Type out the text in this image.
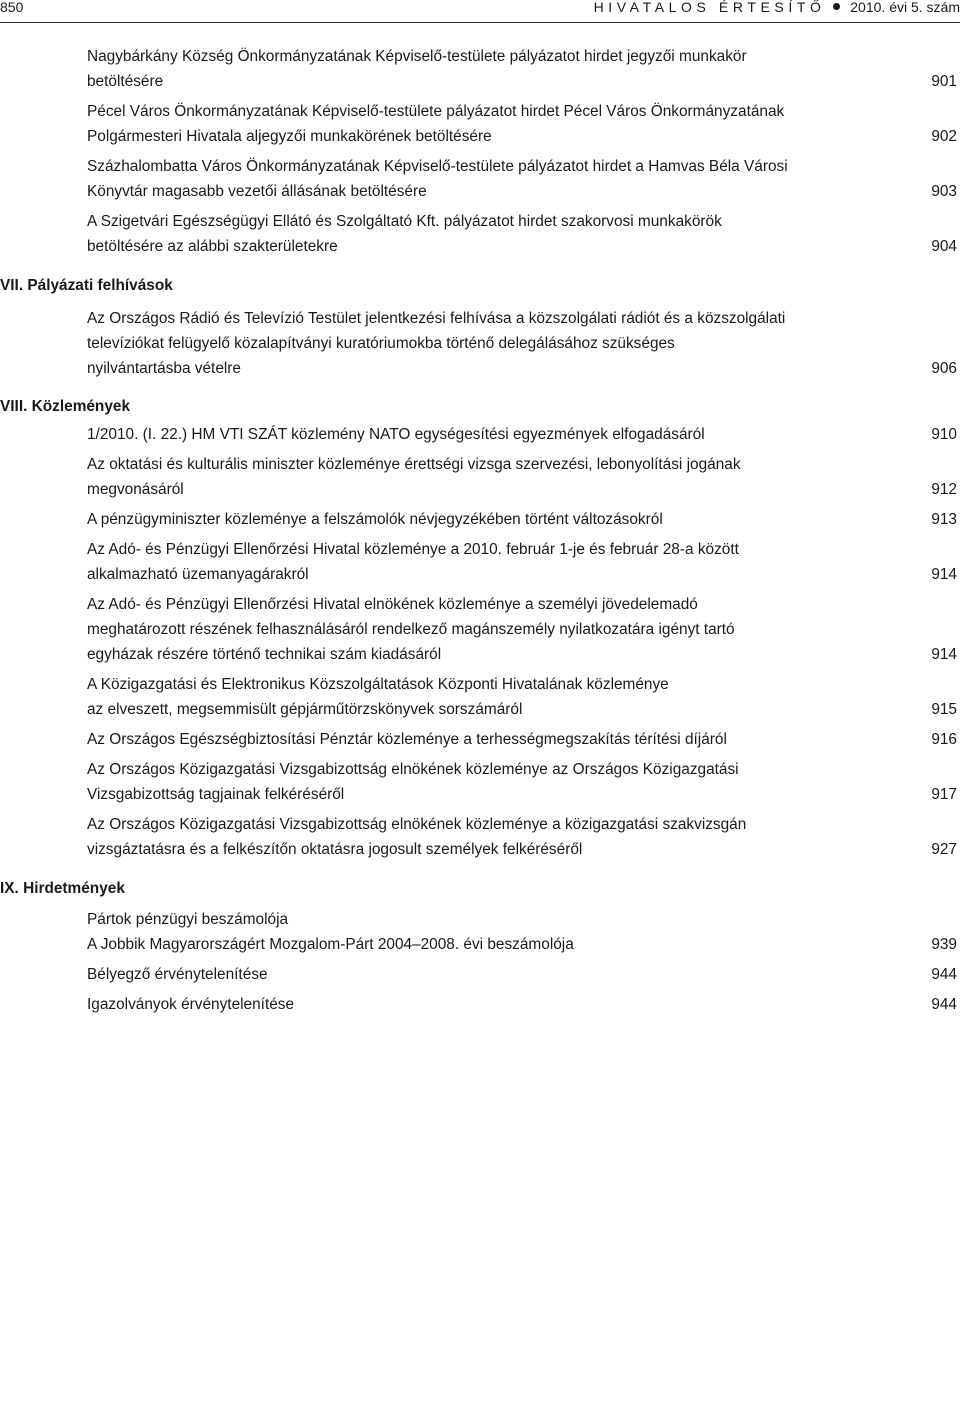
850	HIVATALOS ÉRTESÍTŐ 2010. évi 5. szám
Nagybárkány Község Önkormányzatának Képviselő-testülete pályázatot hirdet jegyzői munkakör
betöltésére	901
Pécel Város Önkormányzatának Képviselő-testülete pályázatot hirdet Pécel Város Önkormányzatának
Polgármesteri Hivatala aljegyzői munkakörének betöltésére	902
Százhalombatta Város Önkormányzatának Képviselő-testülete pályázatot hirdet a Hamvas Béla Városi
Könyvtár magasabb vezetői állásának betöltésére	903
A Szigetvári Egészségügyi Ellátó és Szolgáltató Kft. pályázatot hirdet szakorvosi munkakörök
betöltésére az alábbi szakterületekre	904
VII. Pályázati felhívások
Az Országos Rádió és Televízió Testület jelentkezési felhívása a közszolgálati rádiót és a közszolgálati
televíziókat felügyelő közalapítványi kuratóriumokba történő delegálásához szükséges
nyilvántartásba vételre	906
VIII. Közlemények
1/2010. (I. 22.) HM VTI SZÁT közlemény NATO egységesítési egyezmények elfogadásáról	910
Az oktatási és kulturális miniszter közleménye érettségi vizsga szervezési, lebonyolítási jogának
megvonásáról	912
A pénzügyminiszter közleménye a felszámolók névjegyzékében történt változásokról	913
Az Adó- és Pénzügyi Ellenőrzési Hivatal közleménye a 2010. február 1-je és február 28-a között
alkalmazható üzemanyagárakról	914
Az Adó- és Pénzügyi Ellenőrzési Hivatal elnökének közleménye a személyi jövedelemadó
meghatározott részének felhasználásáról rendelkező magánszemély nyilatkozatára igényt tartó
egyházak részére történő technikai szám kiadásáról	914
A Közigazgatási és Elektronikus Közszolgáltatások Központi Hivatalának közleménye
az elveszett, megsemmisült gépjárműtörzskönyvek sorszámáról	915
Az Országos Egészségbiztosítási Pénztár közleménye a terhességmegszakítás térítési díjáról	916
Az Országos Közigazgatási Vizsgabizottság elnökének közleménye az Országos Közigazgatási
Vizsgabizottság tagjainak felkéréséről	917
Az Országos Közigazgatási Vizsgabizottság elnökének közleménye a közigazgatási szakvizsgán
vizsgáztatásra és a felkészítőn oktatásra jogosult személyek felkéréséről	927
IX. Hirdetmények
Pártok pénzügyi beszámolója
A Jobbik Magyarországért Mozgalom-Párt 2004–2008. évi beszámolója	939
Bélyegző érvénytelenítése	944
Igazolványok érvénytelenítése	944
